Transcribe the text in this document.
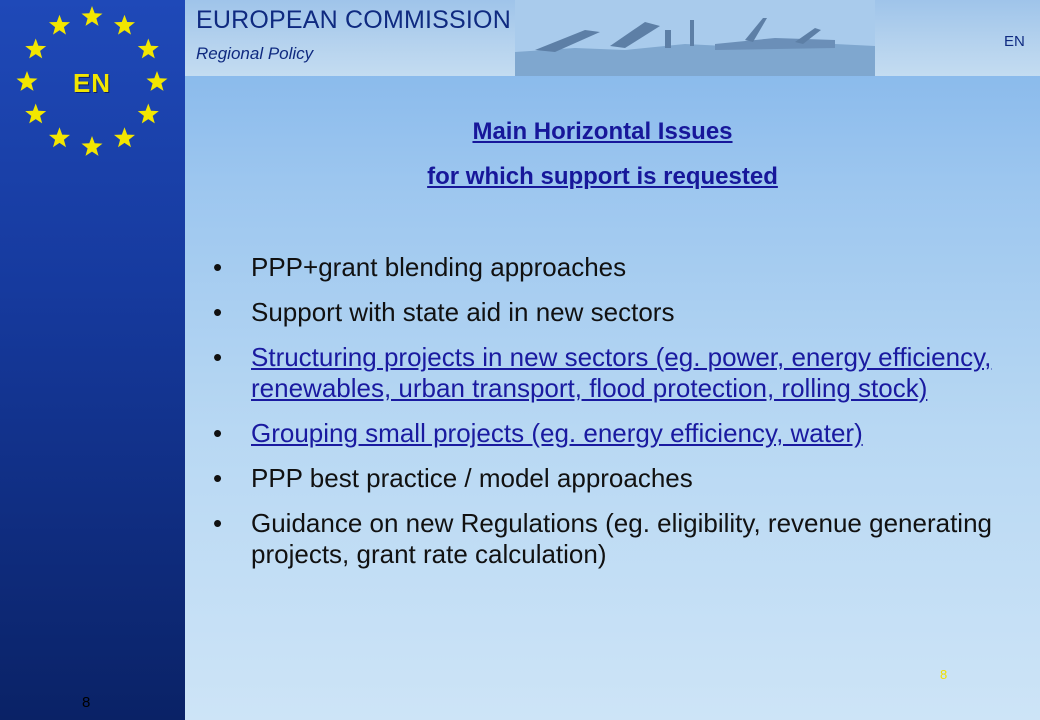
EN
8
EUROPEAN COMMISSION
Regional Policy
EN
Main Horizontal Issues
for which support is requested
• PPP+grant blending approaches
• Support with state aid in new sectors
• Structuring projects in new sectors (eg. power, energy efficiency, renewables, urban transport, flood protection, rolling stock)
• Grouping small projects (eg. energy efficiency, water)
• PPP best practice / model approaches
• Guidance on new Regulations (eg. eligibility, revenue generating projects, grant rate calculation)
8
